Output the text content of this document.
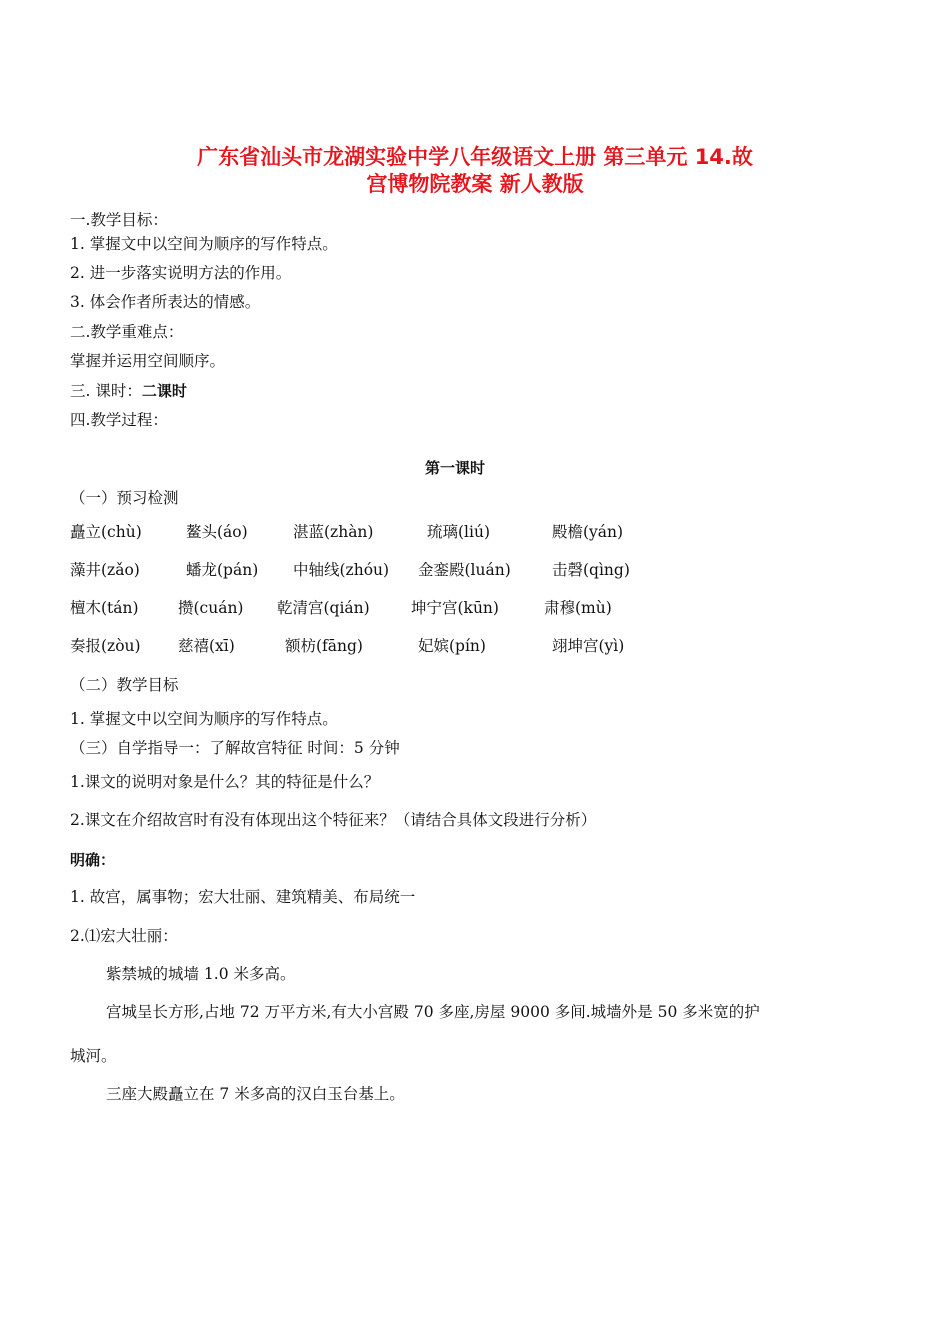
广东省汕头市龙湖实验中学八年级语文上册 第三单元 14.故
宫博物院教案 新人教版
一.教学目标：
1. 掌握文中以空间为顺序的写作特点。
2. 进一步落实说明方法的作用。
3. 体会作者所表达的情感。
二.教学重难点：
掌握并运用空间顺序。
三. 课时：二课时
四.教学过程：
第一课时
（一）预习检测
矗立(chù)	鳌头(áo)	湛蓝(zhàn)	琉璃(liú)	殿檐(yán)
藻井(zǎo)	蟠龙(pán) 中轴线(zhóu) 金銮殿(luán)	击磬(qìng)
檀木(tán)	攒(cuán) 乾清宫(qián)	坤宁宫(kūn)	肃穆(mù)
奏报(zòu) 慈禧(xī)	额枋(fāng)	妃嫔(pín)	翊坤宫(yì)
（二）教学目标
1. 掌握文中以空间为顺序的写作特点。
（三）自学指导一：了解故宫特征 时间：5 分钟
1.课文的说明对象是什么？其的特征是什么？
2.课文在介绍故宫时有没有体现出这个特征来？（请结合具体文段进行分析）
明确：
1. 故宫，属事物；宏大壮丽、建筑精美、布局统一
2.⑴宏大壮丽：
紫禁城的城墙 1.0 米多高。
宫城呈长方形,占地 72 万平方米,有大小宫殿 70 多座,房屋 9000 多间.城墙外是 50 多米宽的护
城河。
三座大殿矗立在 7 米多高的汉白玉台基上。
